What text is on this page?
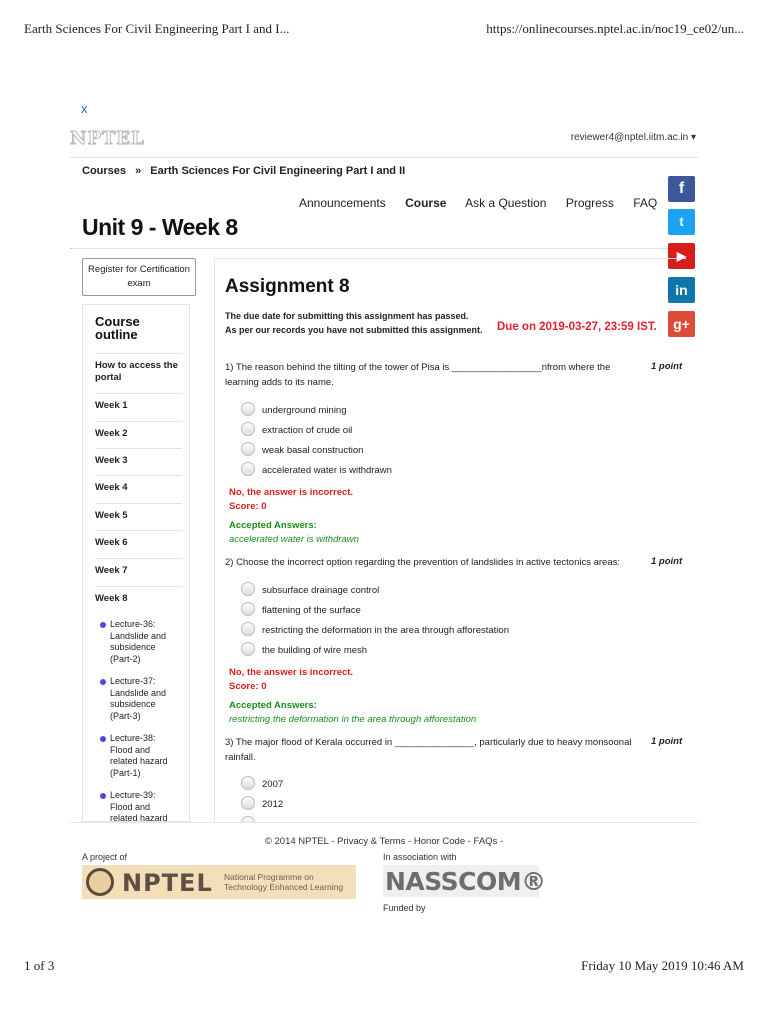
Earth Sciences For Civil Engineering Part I and I...	https://onlinecourses.nptel.ac.in/noc19_ce02/un...
x
NPTEL	reviewer4@nptel.iitm.ac.in ▾
Courses » Earth Sciences For Civil Engineering Part I and II
Announcements Course Ask a Question Progress FAQ
Unit 9 - Week 8
f
t
▶
in
g+
Register for Certification exam
Course outline
How to access the portal
Week 1
Week 2
Week 3
Week 4
Week 5
Week 6
Week 7
Week 8
Lecture-36: Landslide and subsidence (Part-2)
Lecture-37: Landslide and subsidence (Part-3)
Lecture-38: Flood and related hazard (Part-1)
Lecture-39: Flood and related hazard
Assignment 8
The due date for submitting this assignment has passed.
As per our records you have not submitted this assignment. Due on 2019-03-27, 23:59 IST.
1) The reason behind the tilting of the tower of Pisa is _________________nfrom where the learning adds to its name.
1 point
underground mining
extraction of crude oil
weak basal construction
accelerated water is withdrawn
No, the answer is incorrect.
Score: 0
Accepted Answers:
accelerated water is withdrawn
2) Choose the incorrect option regarding the prevention of landslides in active tectonics areas:	1 point
subsurface drainage control
flattening of the surface
restricting the deformation in the area through afforestation
the building of wire mesh
No, the answer is incorrect.
Score: 0
Accepted Answers:
restricting the deformation in the area through afforestation
3) The major flood of Kerala occurred in _______________, particularly due to heavy monsoonal rainfall.
1 point
2007
2012
© 2014 NPTEL - Privacy & Terms - Honor Code - FAQs -
A project of
NPTEL National Programme on Technology Enhanced Learning
In association with
NASSCOM®
Funded by
1 of 3	Friday 10 May 2019 10:46 AM
